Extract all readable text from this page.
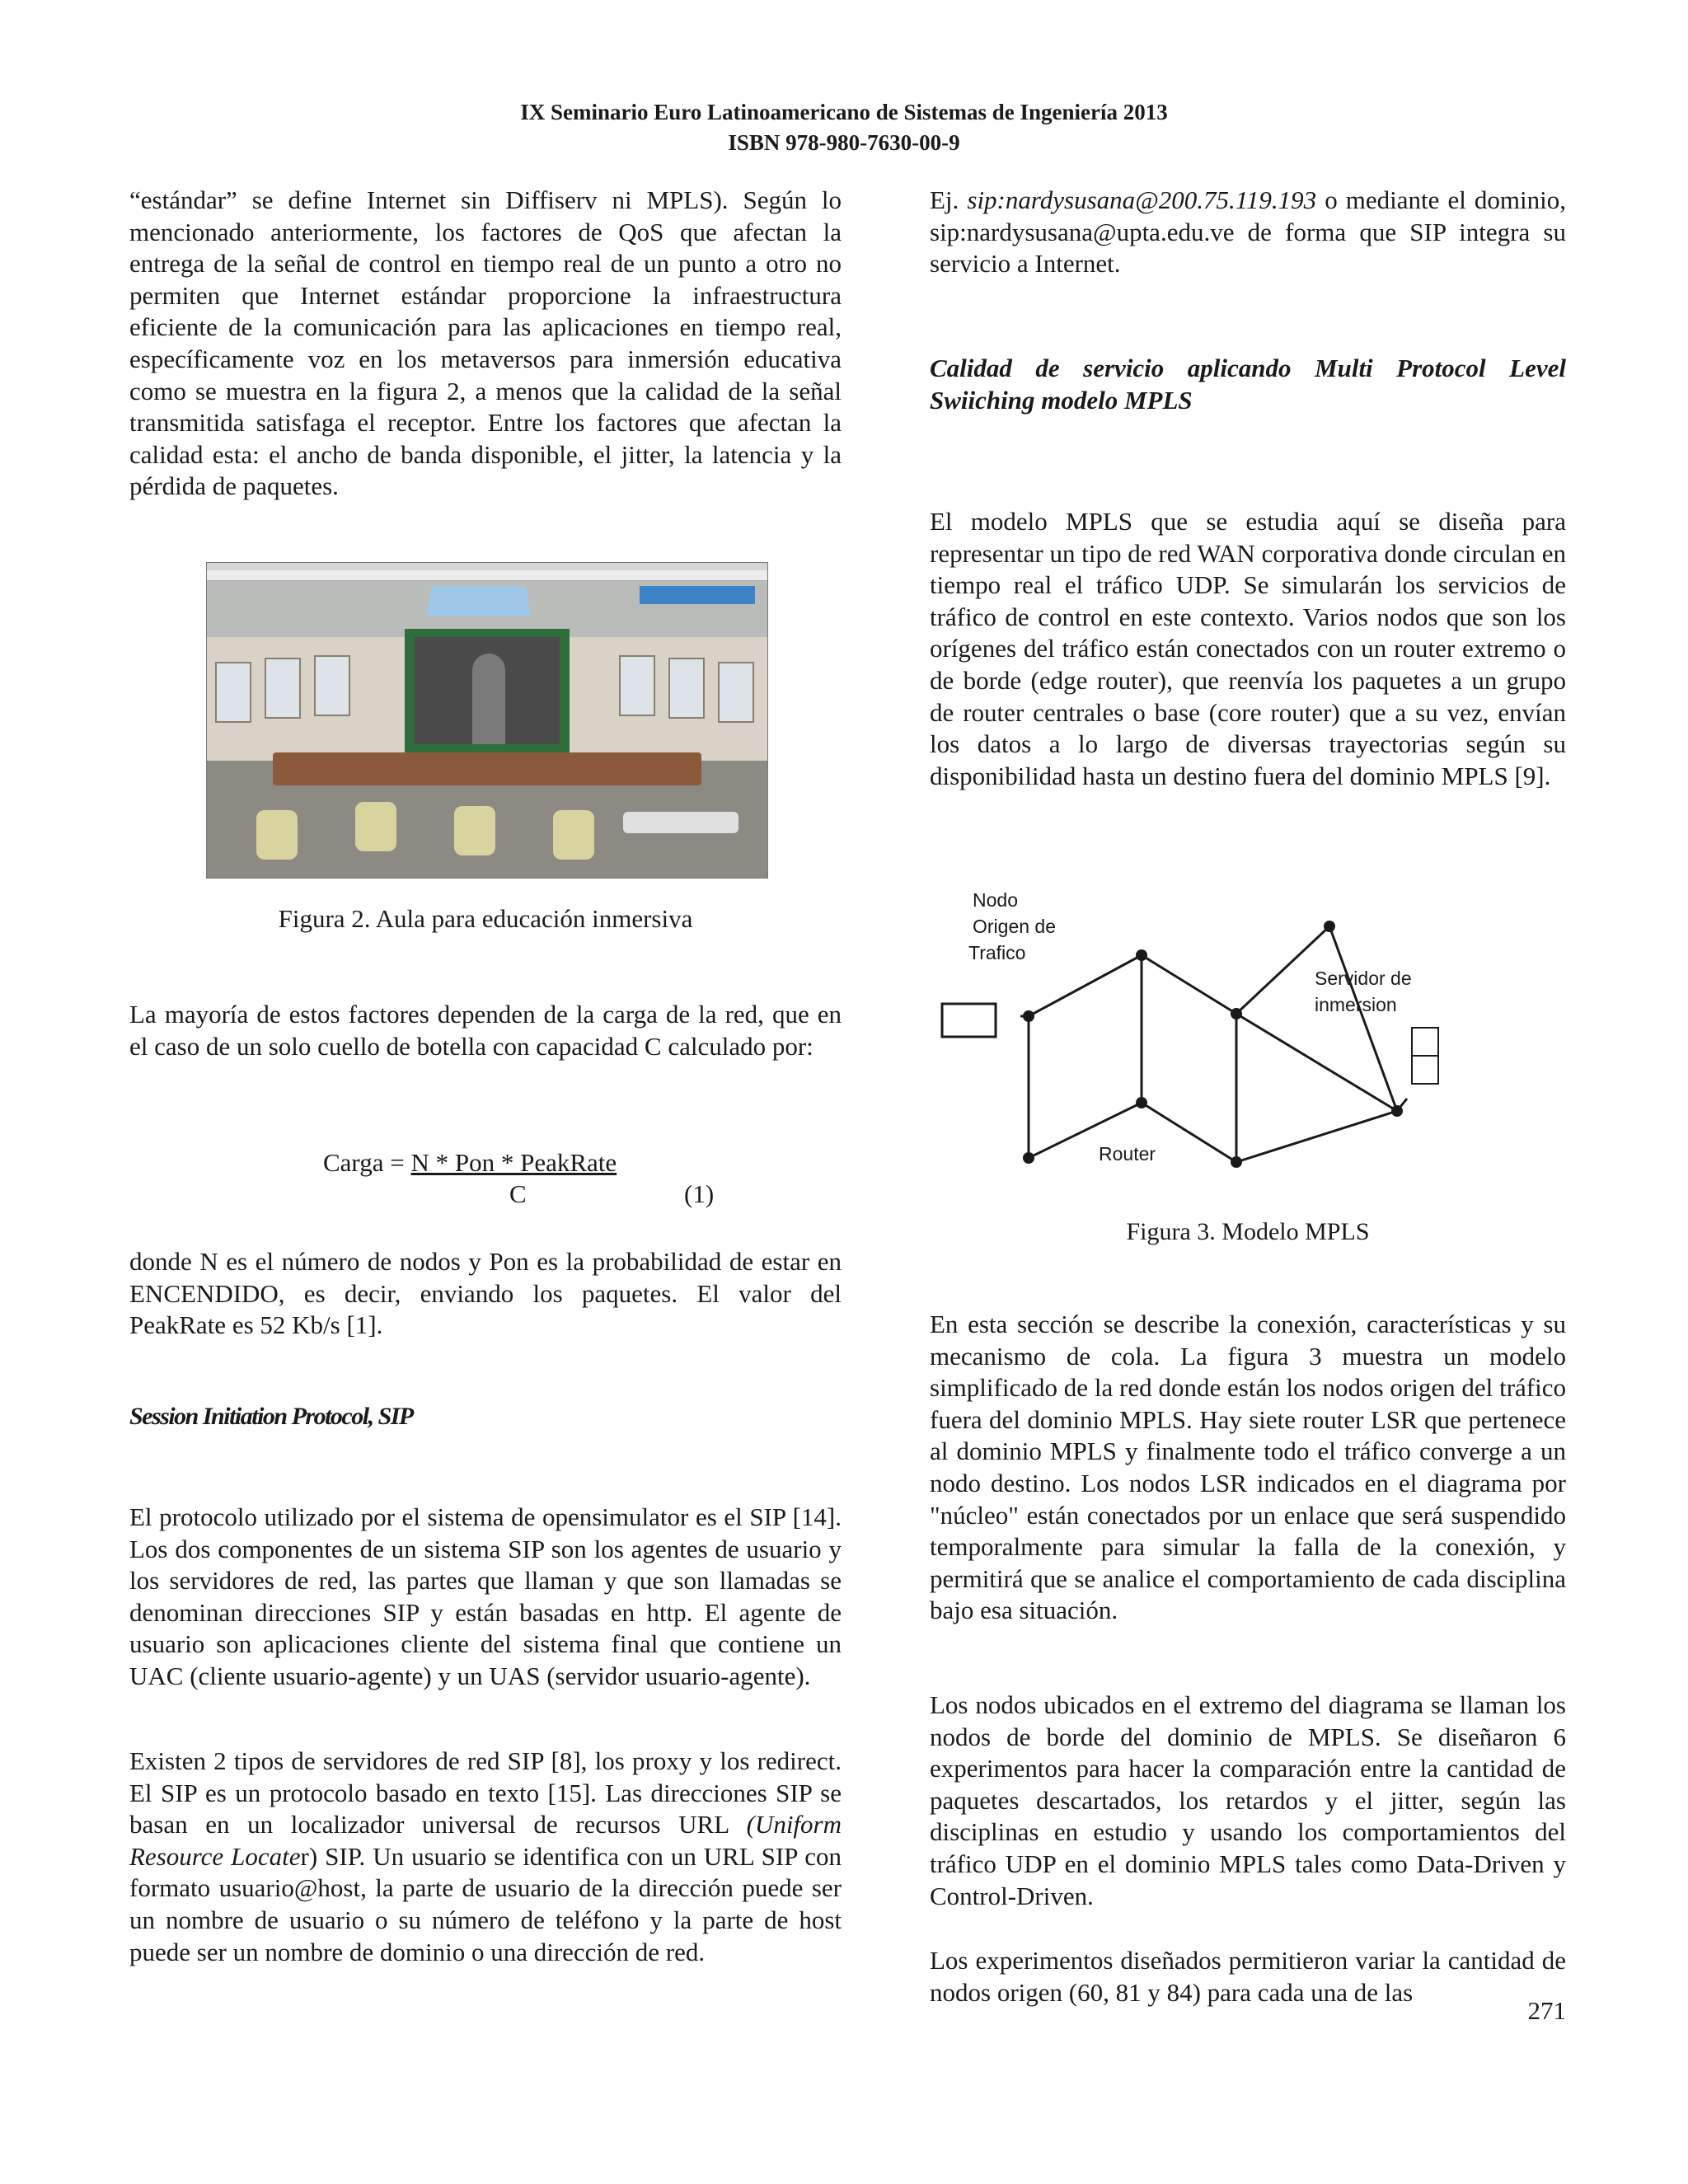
IX Seminario Euro Latinoamericano de Sistemas de Ingeniería 2013
ISBN 978-980-7630-00-9

“estándar” se define Internet sin Diffiserv ni MPLS). Según lo mencionado anteriormente, los factores de QoS que afectan la entrega de la señal de control en tiempo real de un punto a otro no permiten que Internet estándar proporcione la infraestructura eficiente de la comunicación para las aplicaciones en tiempo real, específicamente voz en los metaversos para inmersión educativa como se muestra en la figura 2, a menos que la calidad de la señal transmitida satisfaga el receptor. Entre los factores que afectan la calidad esta: el ancho de banda disponible, el jitter, la latencia y la pérdida de paquetes.

La mayoría de estos factores dependen de la carga de la red, que en el caso de un solo cuello de botella con capacidad C calculado por:

donde N es el número de nodos y Pon es la probabilidad de estar en ENCENDIDO, es decir, enviando los paquetes. El valor del PeakRate es 52 Kb/s [1].

Session Initiation Protocol, SIP

El protocolo utilizado por el sistema de opensimulator es el SIP [14]. Los dos componentes de un sistema SIP son los agentes de usuario y los servidores de red, las partes que llaman y que son llamadas se denominan direcciones SIP y están basadas en http. El agente de usuario son aplicaciones cliente del sistema final que contiene un UAC (cliente usuario-agente) y un UAS (servidor usuario-agente).

Existen 2 tipos de servidores de red SIP [8], los proxy y los redirect. El SIP es un protocolo basado en texto [15]. Las direcciones SIP se basan en un localizador universal de recursos URL (Uniform Resource Locater) SIP. Un usuario se identifica con un URL SIP con formato usuario@host, la parte de usuario de la dirección puede ser un nombre de usuario o su número de teléfono y la parte de host puede ser un nombre de dominio o una dirección de red.

Figura 2. Aula para educación inmersiva
Carga = N * Pon * PeakRate
C	(1)

Ej. sip:nardysusana@200.75.119.193 o mediante el dominio, sip:nardysusana@upta.edu.ve de forma que SIP integra su servicio a Internet.

Calidad de servicio aplicando Multi Protocol Level Swiiching modelo MPLS

El modelo MPLS que se estudia aquí se diseña para representar un tipo de red WAN corporativa donde circulan en tiempo real el tráfico UDP. Se simularán los servicios de tráfico de control en este contexto. Varios nodos que son los orígenes del tráfico están conectados con un router extremo o de borde (edge router), que reenvía los paquetes a un grupo de router centrales o base (core router) que a su vez, envían los datos a lo largo de diversas trayectorias según su disponibilidad hasta un destino fuera del dominio MPLS [9].

En esta sección se describe la conexión, características y su mecanismo de cola. La figura 3 muestra un modelo simplificado de la red donde están los nodos origen del tráfico fuera del dominio MPLS. Hay siete router LSR que pertenece al dominio MPLS y finalmente todo el tráfico converge a un nodo destino. Los nodos LSR indicados en el diagrama por "núcleo" están conectados por un enlace que será suspendido temporalmente para simular la falla de la conexión, y permitirá que se analice el comportamiento de cada disciplina bajo esa situación.

Los nodos ubicados en el extremo del diagrama se llaman los nodos de borde del dominio de MPLS. Se diseñaron 6 experimentos para hacer la comparación entre la cantidad de paquetes descartados, los retardos y el jitter, según las disciplinas en estudio y usando los comportamientos del tráfico UDP en el dominio MPLS tales como Data-Driven y Control-Driven.

Los experimentos diseñados permitieron variar la cantidad de nodos origen (60, 81 y 84) para cada una de las

Nodo
Origen de
Trafico
Servidor de
inmersion
Router
Figura 3. Modelo MPLS
271
